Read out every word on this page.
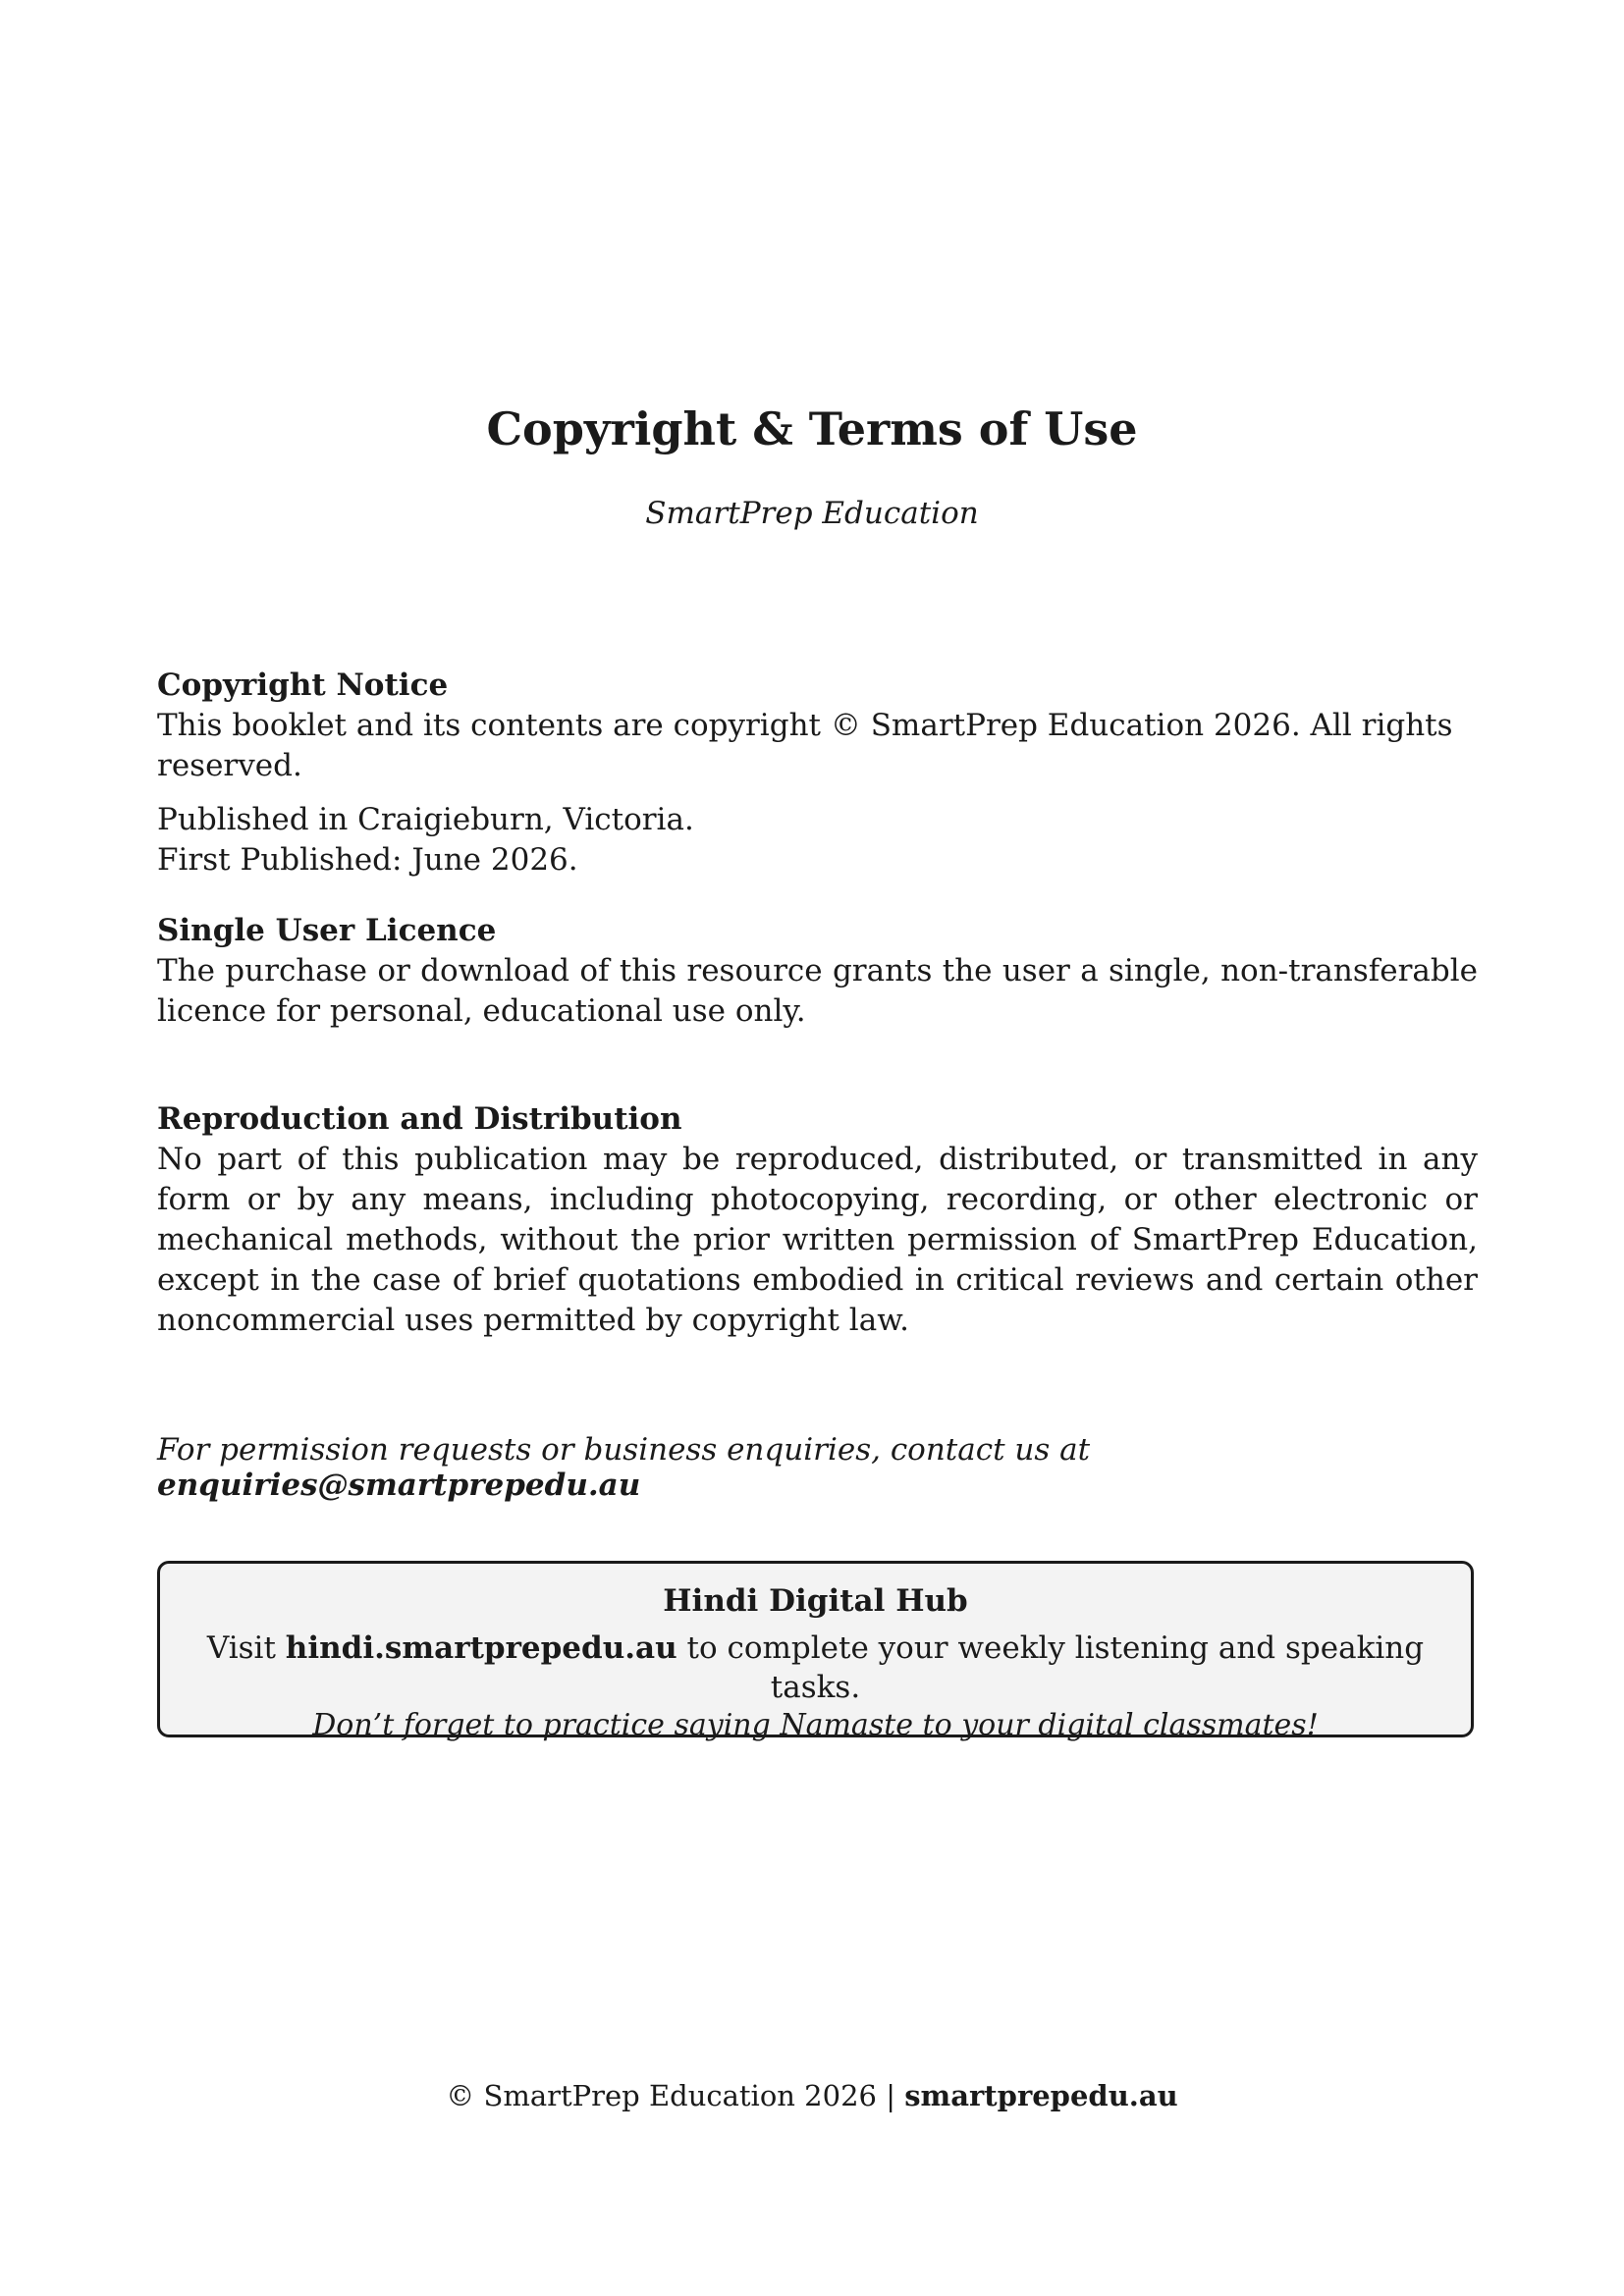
Copyright & Terms of Use

SmartPrep Education

Copyright Notice

This booklet and its contents are copyright © SmartPrep Education 2026. All rights reserved.

Published in Craigieburn, Victoria.

First Published: June 2026.

Single User Licence

The purchase or download of this resource grants the user a single, non-transferable licence for personal, educational use only.

Reproduction and Distribution

No part of this publication may be reproduced, distributed, or transmitted in any form or by any means, including photocopying, recording, or other electronic or mechanical methods, without the prior written permission of SmartPrep Education, except in the case of brief quotations embodied in critical reviews and certain other noncommercial uses permitted by copyright law.

For permission requests or business enquiries, contact us at enquiries@smartprepedu.au

Hindi Digital Hub

Visit hindi.smartprepedu.au to complete your weekly listening and speaking tasks.

Don’t forget to practice saying Namaste to your digital classmates!

© SmartPrep Education 2026 | smartprepedu.au
